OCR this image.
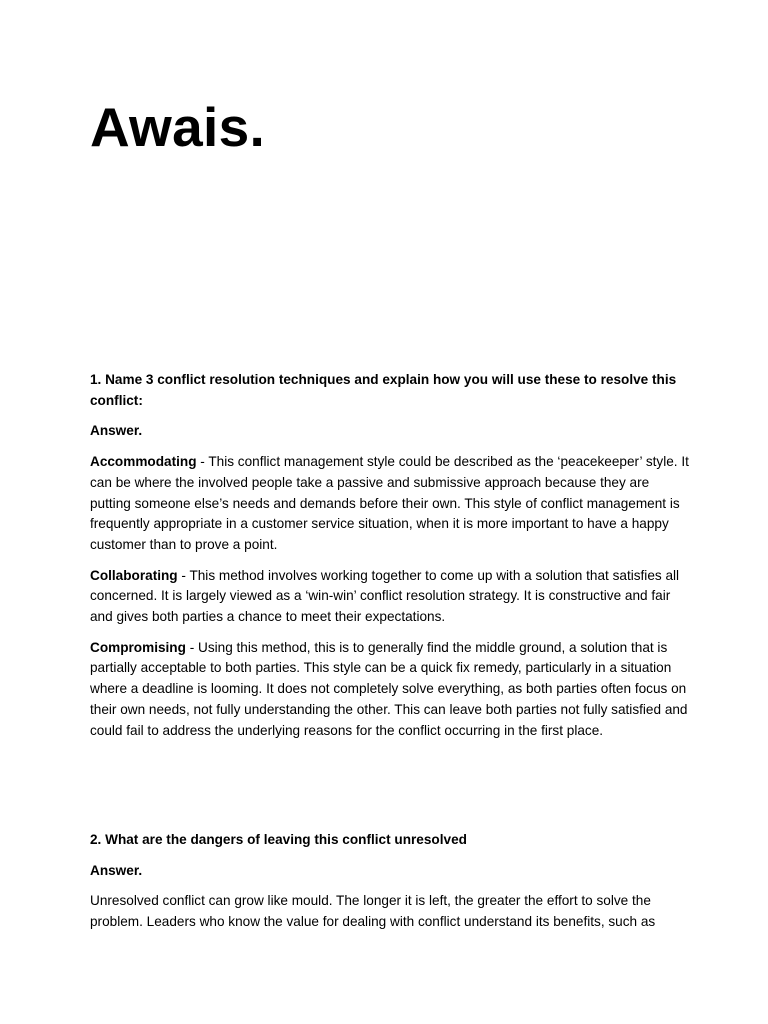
Awais.

1. Name 3 conflict resolution techniques and explain how you will use these to resolve this conflict:

Answer.

Accommodating - This conflict management style could be described as the ‘peacekeeper’ style. It can be where the involved people take a passive and submissive approach because they are putting someone else’s needs and demands before their own. This style of conflict management is frequently appropriate in a customer service situation, when it is more important to have a happy customer than to prove a point.

Collaborating - This method involves working together to come up with a solution that satisfies all concerned. It is largely viewed as a ‘win-win’ conflict resolution strategy. It is constructive and fair and gives both parties a chance to meet their expectations.

Compromising - Using this method, this is to generally find the middle ground, a solution that is partially acceptable to both parties. This style can be a quick fix remedy, particularly in a situation where a deadline is looming. It does not completely solve everything, as both parties often focus on their own needs, not fully understanding the other. This can leave both parties not fully satisfied and could fail to address the underlying reasons for the conflict occurring in the first place.

2. What are the dangers of leaving this conflict unresolved

Answer.

Unresolved conflict can grow like mould. The longer it is left, the greater the effort to solve the problem. Leaders who know the value for dealing with conflict understand its benefits, such as
